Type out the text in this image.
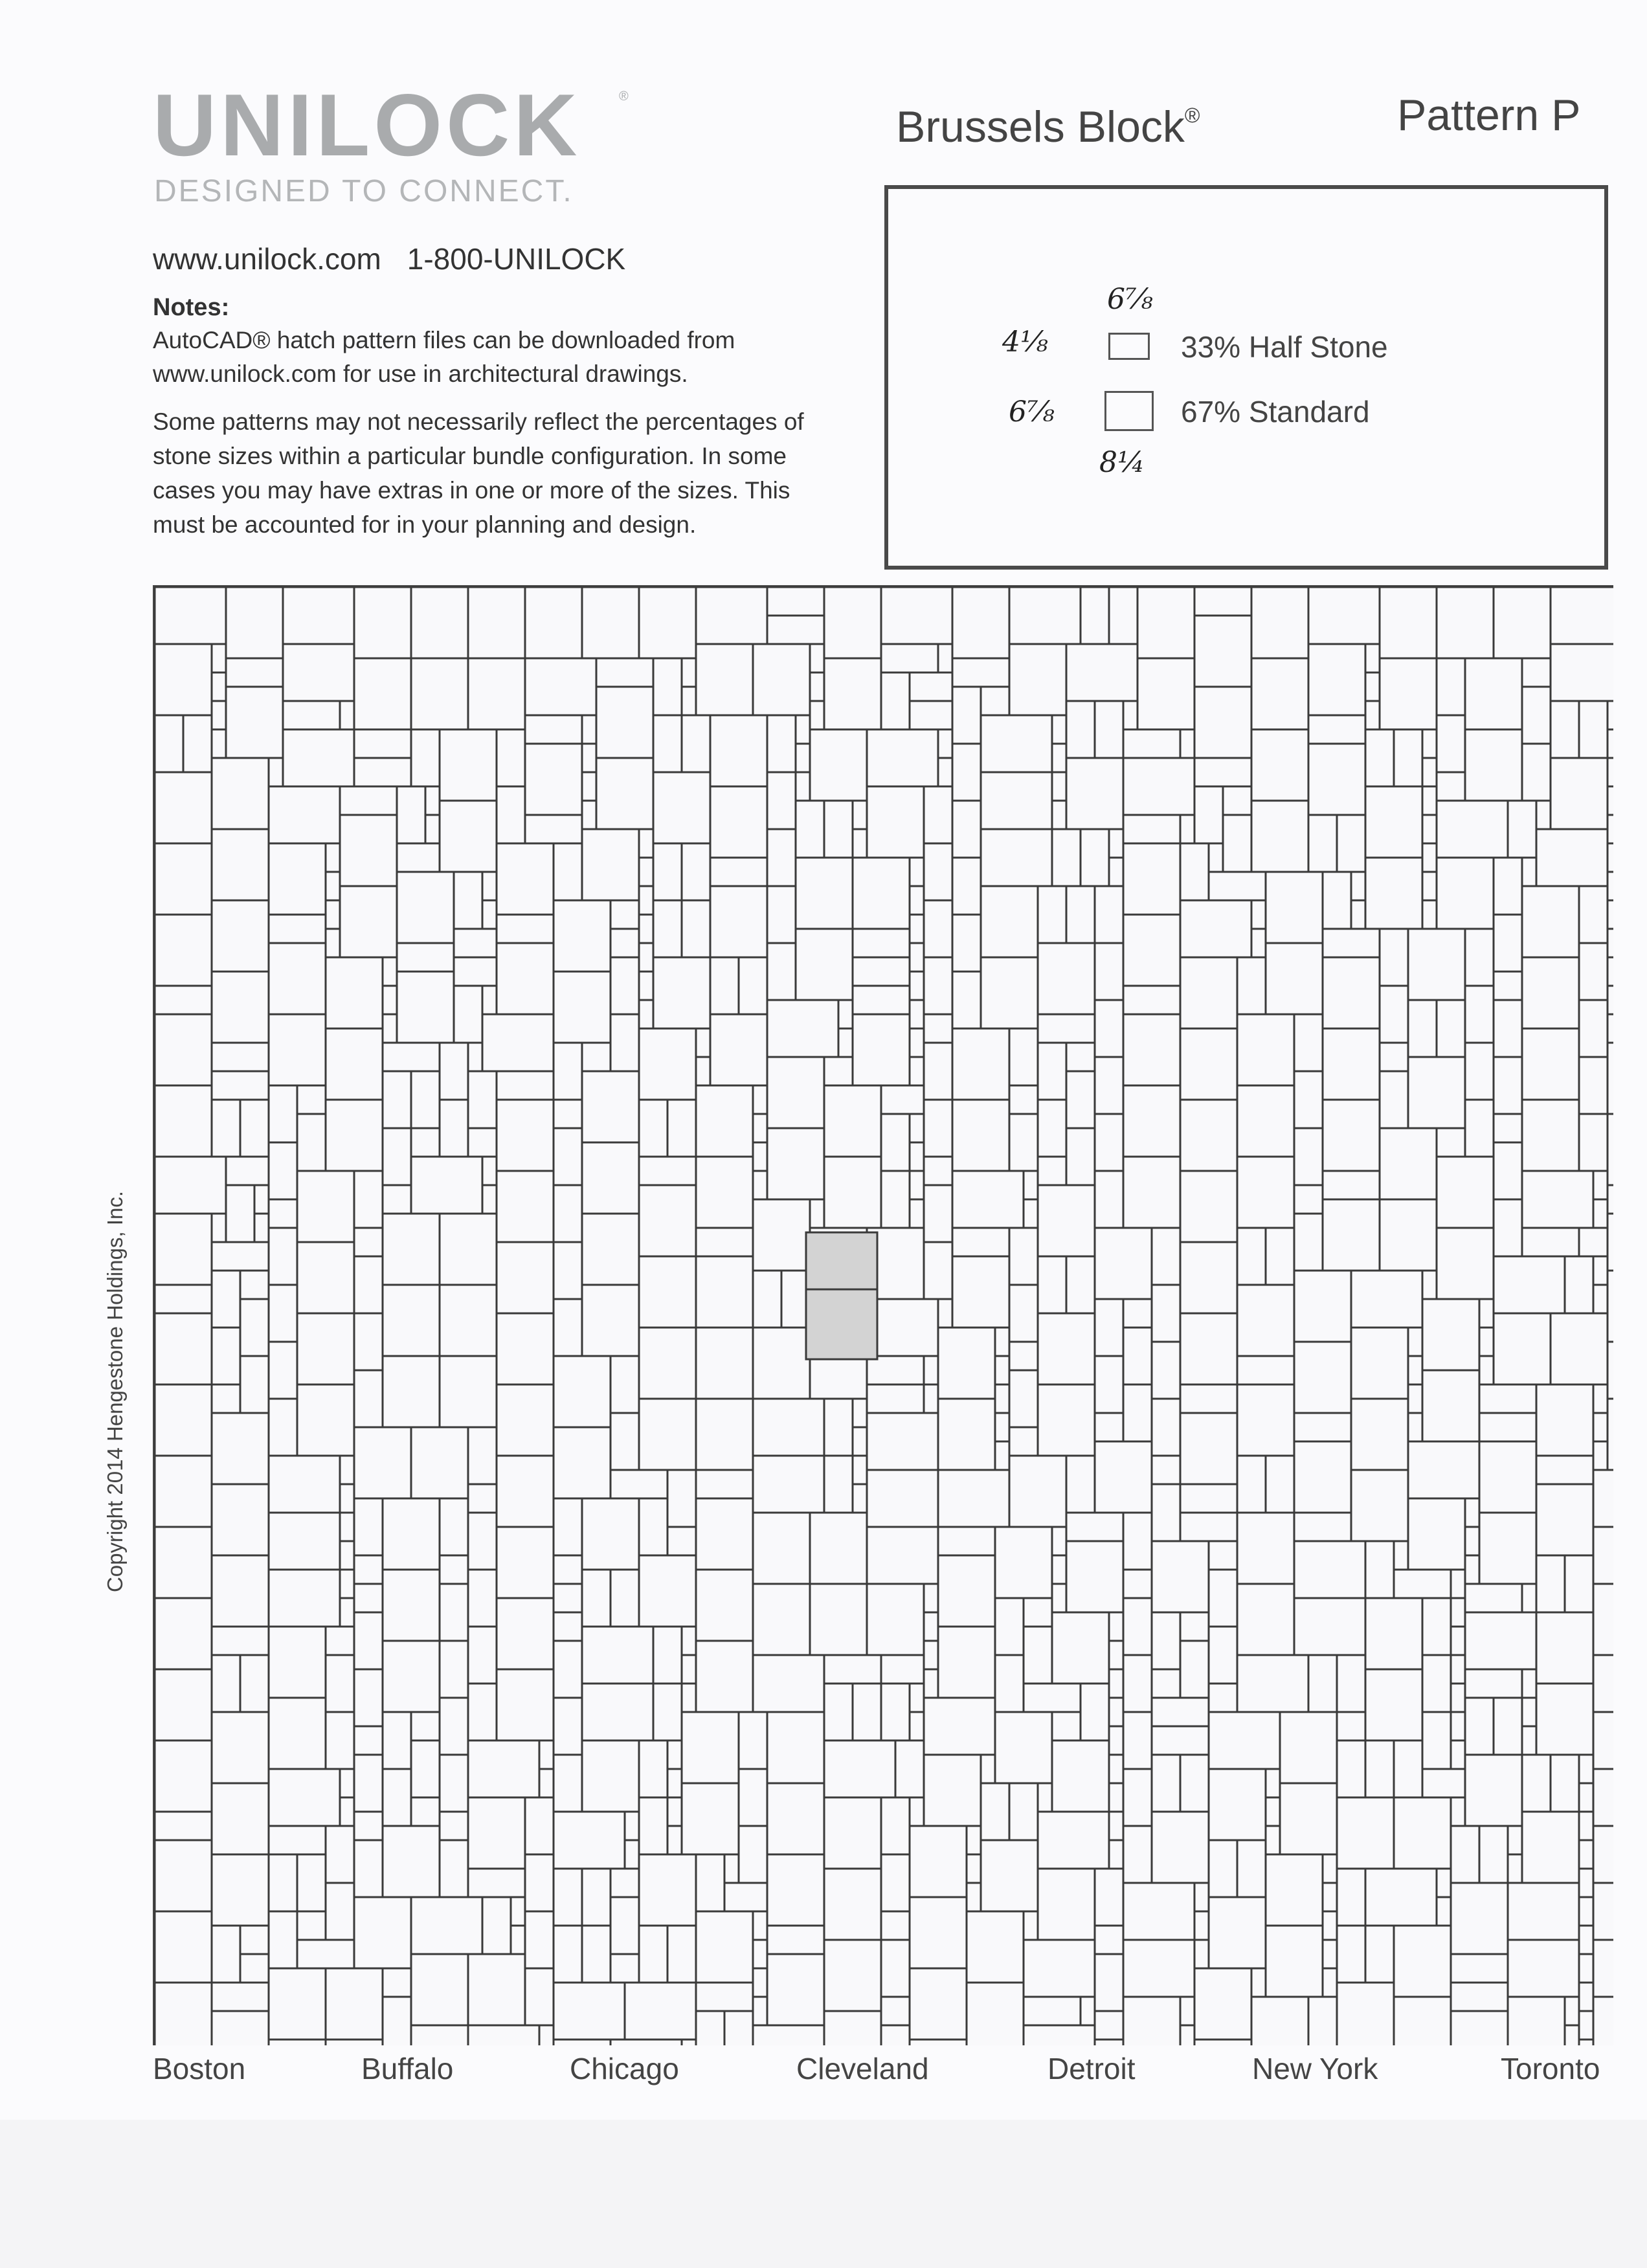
UNILOCK	®
DESIGNED TO CONNECT.
www.unilock.com 1-800-UNILOCK
Notes:
AutoCAD® hatch pattern files can be downloaded from www.unilock.com for use in architectural drawings.
Some patterns may not necessarily reflect the percentages of stone sizes within a particular bundle configuration. In some cases you may have extras in one or more of the sizes. This must be accounted for in your planning and design.
Brussels Block®	Pattern P
33% Half Stone
67% Standard
6⅞
4⅛
6⅞
8¼
Boston	Buffalo	Chicago	Cleveland	Detroit	New York	Toronto
Copyright 2014 Hengestone Holdings, Inc.
